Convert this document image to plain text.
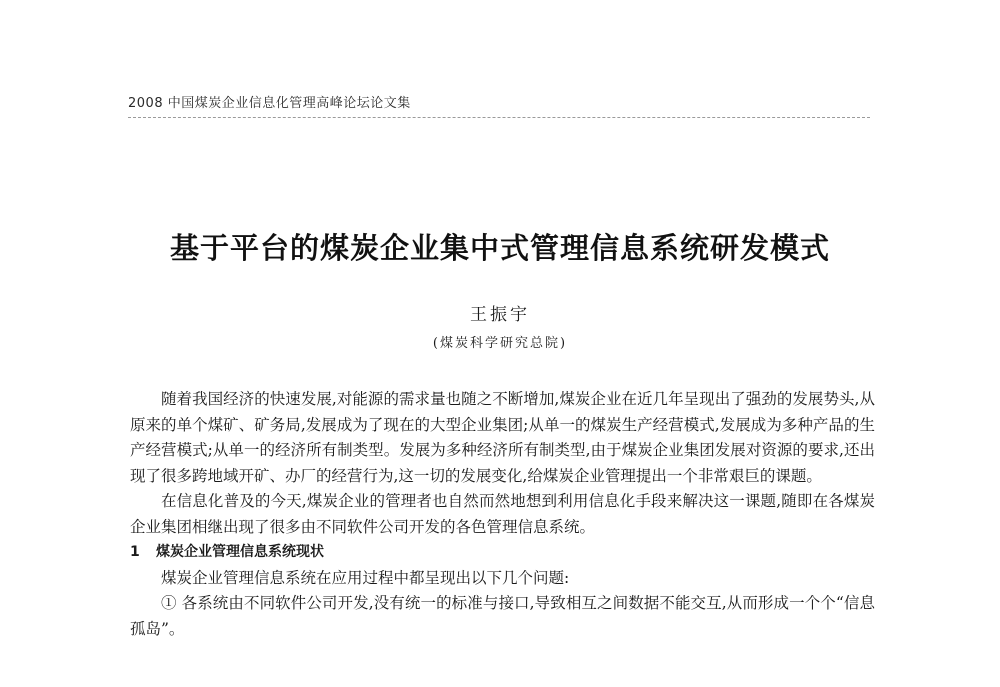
2008 中国煤炭企业信息化管理高峰论坛论文集
基于平台的煤炭企业集中式管理信息系统研发模式
王振宇
(煤炭科学研究总院)

随着我国经济的快速发展,对能源的需求量也随之不断增加,煤炭企业在近几年呈现出了强劲的发展势头,从原来的单个煤矿、矿务局,发展成为了现在的大型企业集团;从单一的煤炭生产经营模式,发展成为多种产品的生产经营模式;从单一的经济所有制类型。发展为多种经济所有制类型,由于煤炭企业集团发展对资源的要求,还出现了很多跨地域开矿、办厂的经营行为,这一切的发展变化,给煤炭企业管理提出一个非常艰巨的课题。

在信息化普及的今天,煤炭企业的管理者也自然而然地想到利用信息化手段来解决这一课题,随即在各煤炭企业集团相继出现了很多由不同软件公司开发的各色管理信息系统。

1 煤炭企业管理信息系统现状

煤炭企业管理信息系统在应用过程中都呈现出以下几个问题:

① 各系统由不同软件公司开发,没有统一的标准与接口,导致相互之间数据不能交互,从而形成一个个“信息孤岛”。
